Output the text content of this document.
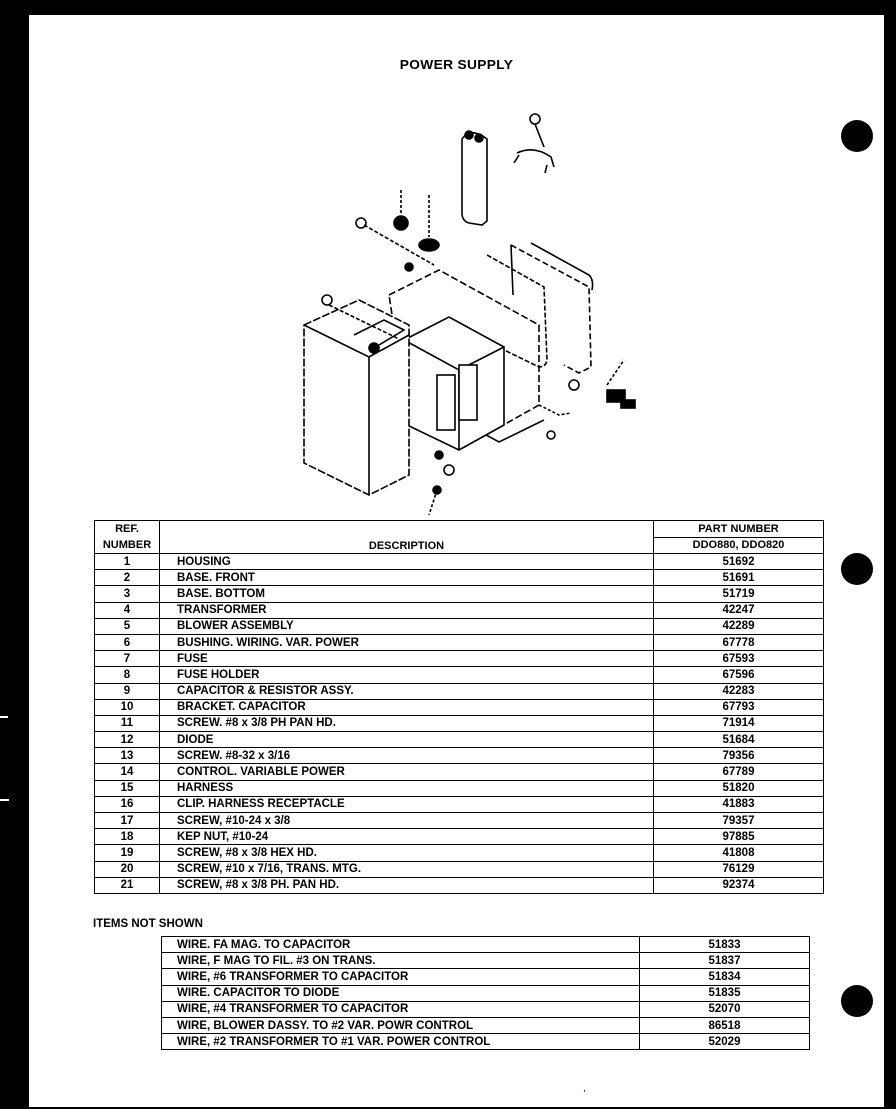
POWER SUPPLY
REF.
NUMBER	DESCRIPTION	PART NUMBER
		DDO880, DDO820
1	HOUSING	51692
2	BASE. FRONT	51691
3	BASE. BOTTOM	51719
4	TRANSFORMER	42247
5	BLOWER ASSEMBLY	42289
6	BUSHING. WIRING. VAR. POWER	67778
7	FUSE	67593
8	FUSE HOLDER	67596
9	CAPACITOR & RESISTOR ASSY.	42283
10	BRACKET. CAPACITOR	67793
11	SCREW. #8 x 3/8 PH PAN HD.	71914
12	DIODE	51684
13	SCREW. #8-32 x 3/16	79356
14	CONTROL. VARIABLE POWER	67789
15	HARNESS	51820
16	CLIP. HARNESS RECEPTACLE	41883
17	SCREW, #10-24 x 3/8	79357
18	KEP NUT, #10-24	97885
19	SCREW, #8 x 3/8 HEX HD.	41808
20	SCREW, #10 x 7/16, TRANS. MTG.	76129
21	SCREW, #8 x 3/8 PH. PAN HD.	92374
ITEMS NOT SHOWN
WIRE. FA MAG. TO CAPACITOR	51833
WIRE, F MAG TO FIL. #3 ON TRANS.	51837
WIRE, #6 TRANSFORMER TO CAPACITOR	51834
WIRE. CAPACITOR TO DIODE	51835
WIRE, #4 TRANSFORMER TO CAPACITOR	52070
WIRE, BLOWER DASSY. TO #2 VAR. POWR CONTROL	86518
WIRE, #2 TRANSFORMER TO #1 VAR. POWER CONTROL	52029
,
